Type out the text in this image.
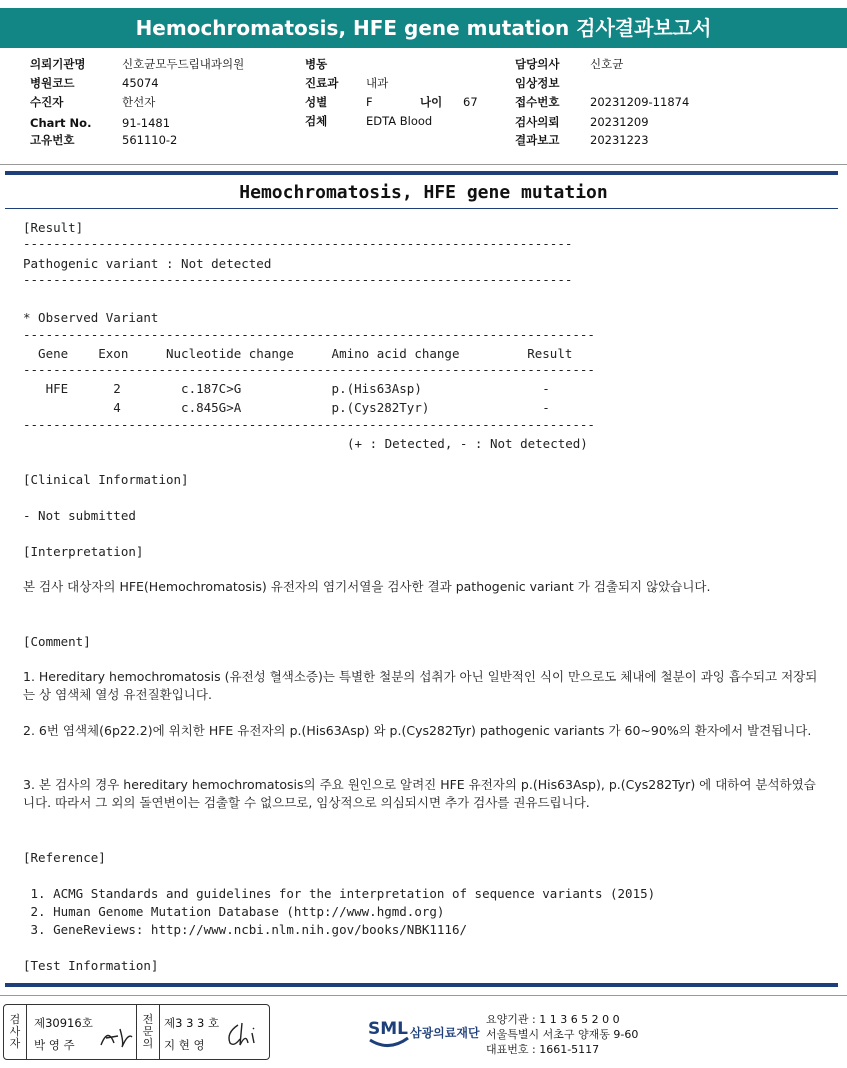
Hemochromatosis, HFE gene mutation 검사결과보고서
의뢰기관명	신호균모두드림내과의원
병원코드	45074
수진자	한선자
Chart No.	91-1481
고유번호	561110-2
병동
진료과 내과
성별	F
검체	EDTA Blood
나이 67
담당의사	신호균
임상정보
접수번호	20231209-11874
검사의뢰	20231209
결과보고	20231223
Hemochromatosis, HFE gene mutation
[Result]
-------------------------------------------------------------------------
Pathogenic variant : Not detected
-------------------------------------------------------------------------
* Observed Variant
----------------------------------------------------------------------------
Gene    Exon     Nucleotide change     Amino acid change         Result
----------------------------------------------------------------------------
HFE      2        c.187C>G            p.(His63Asp)                -
4        c.845G>A            p.(Cys282Tyr)               -
----------------------------------------------------------------------------
(+ : Detected, - : Not detected)
[Clinical Information]
- Not submitted
[Interpretation]
본 검사 대상자의 HFE(Hemochromatosis) 유전자의 염기서열을 검사한 결과 pathogenic variant 가 검출되지 않았습니다.
[Comment]
1. Hereditary hemochromatosis (유전성 혈색소증)는 특별한 철분의 섭취가 아닌 일반적인 식이 만으로도 체내에 철분이 과잉 흡수되고 저장되는 상 염색체 열성 유전질환입니다.
2. 6번 염색체(6p22.2)에 위치한 HFE 유전자의 p.(His63Asp) 와 p.(Cys282Tyr) pathogenic variants 가 60~90%의 환자에서 발견됩니다.
3. 본 검사의 경우 hereditary hemochromatosis의 주요 원인으로 알려진 HFE 유전자의 p.(His63Asp), p.(Cys282Tyr) 에 대하여 분석하였습니다. 따라서 그 외의 돌연변이는 검출할 수 없으므로, 임상적으로 의심되시면 추가 검사를 권유드립니다.
[Reference]
1. ACMG Standards and guidelines for the interpretation of sequence variants (2015)
2. Human Genome Mutation Database (http://www.hgmd.org)
3. GeneReviews: http://www.ncbi.nlm.nih.gov/books/NBK1116/
[Test Information]
검사자
제30916호
박 영 주
전문의
제3 3 3 호
지 현 영
SML 삼광의료재단
요양기관 : 1 1 3 6 5 2 0 0
서울특별시 서초구 양재동 9-60
대표번호 : 1661-5117
